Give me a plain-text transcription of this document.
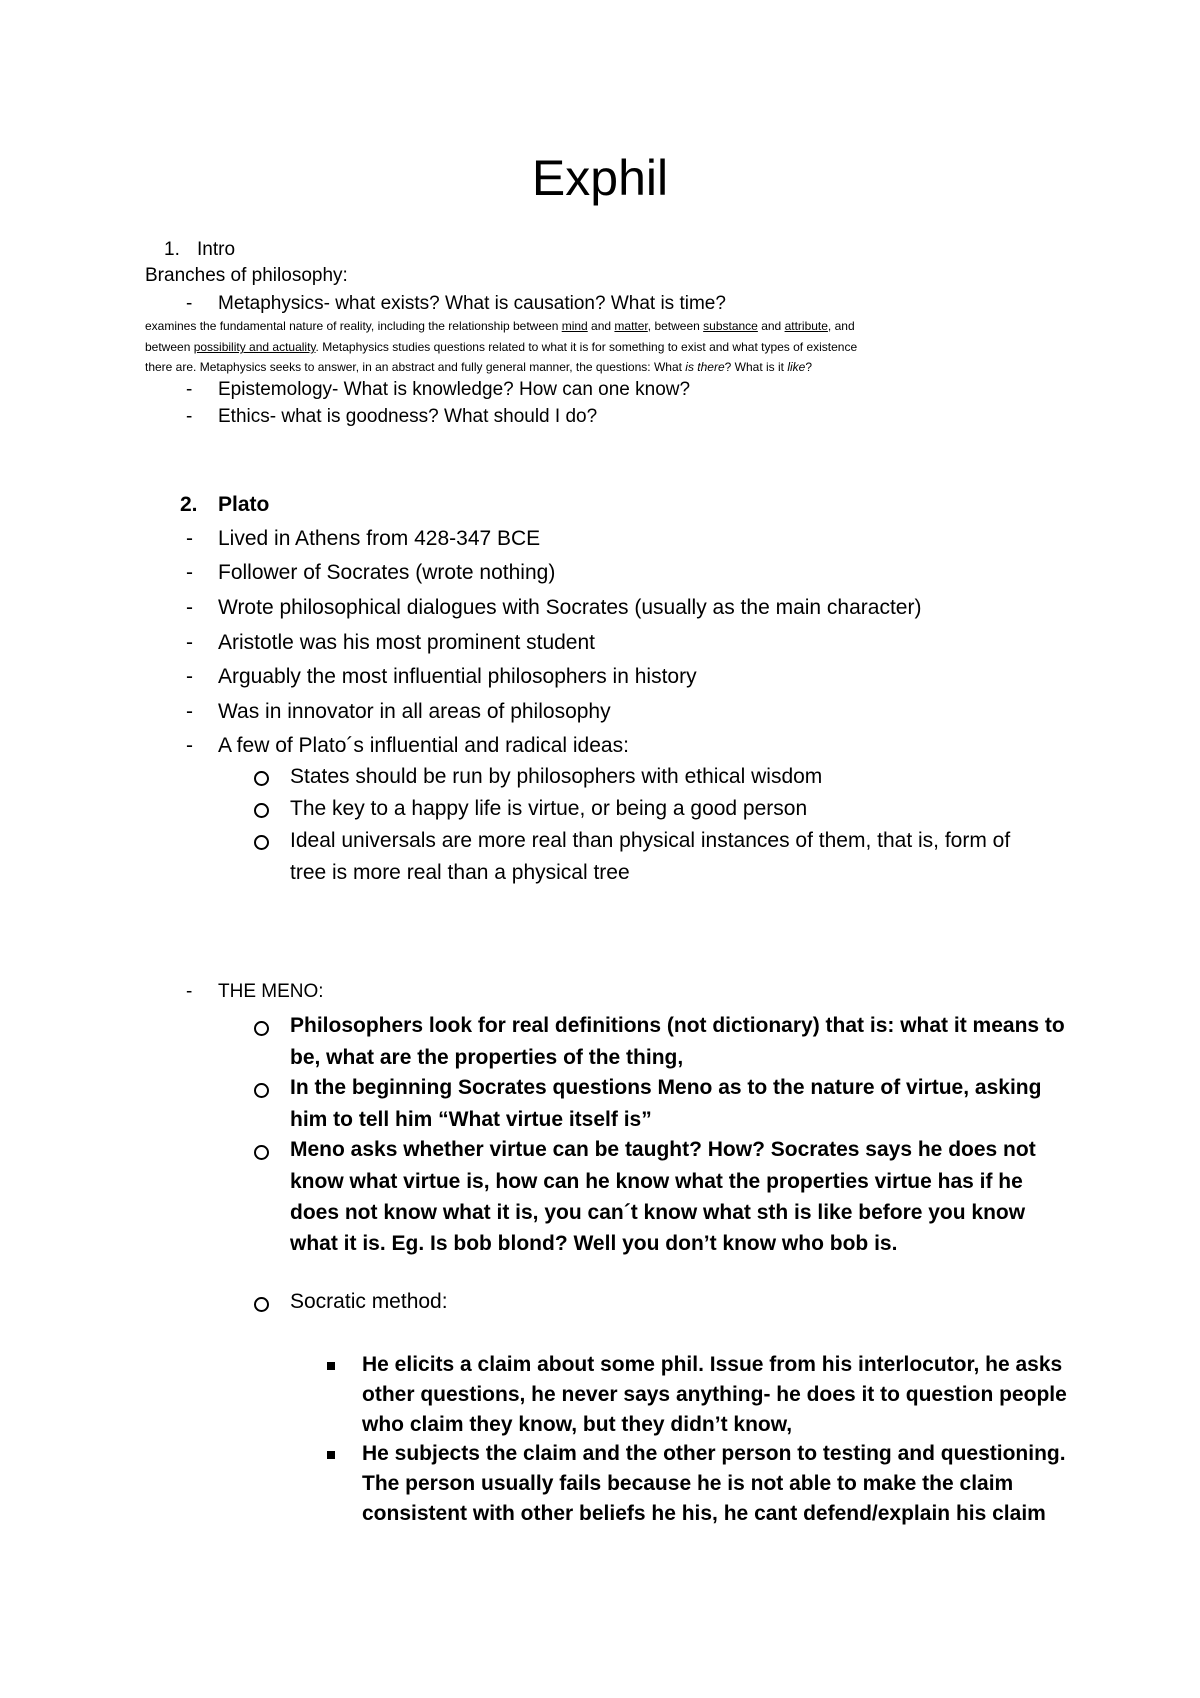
Exphil
1. Intro
Branches of philosophy:
- Metaphysics- what exists? What is causation? What is time?
examines the fundamental nature of reality, including the relationship between mind and matter, between substance and attribute, and
between possibility and actuality. Metaphysics studies questions related to what it is for something to exist and what types of existence
there are. Metaphysics seeks to answer, in an abstract and fully general manner, the questions: What is there? What is it like?
- Epistemology- What is knowledge? How can one know?
- Ethics- what is goodness? What should I do?
2. Plato
- Lived in Athens from 428-347 BCE
- Follower of Socrates (wrote nothing)
- Wrote philosophical dialogues with Socrates (usually as the main character)
- Aristotle was his most prominent student
- Arguably the most influential philosophers in history
- Was in innovator in all areas of philosophy
- A few of Plato´s influential and radical ideas:
States should be run by philosophers with ethical wisdom
The key to a happy life is virtue, or being a good person
Ideal universals are more real than physical instances of them, that is, form of
tree is more real than a physical tree
- THE MENO:
Philosophers look for real definitions (not dictionary) that is: what it means to
be, what are the properties of the thing,
In the beginning Socrates questions Meno as to the nature of virtue, asking
him to tell him “What virtue itself is”
Meno asks whether virtue can be taught? How? Socrates says he does not
know what virtue is, how can he know what the properties virtue has if he
does not know what it is, you can´t know what sth is like before you know
what it is. Eg. Is bob blond? Well you don’t know who bob is.
Socratic method:
He elicits a claim about some phil. Issue from his interlocutor, he asks
other questions, he never says anything- he does it to question people
who claim they know, but they didn’t know,
He subjects the claim and the other person to testing and questioning.
The person usually fails because he is not able to make the claim
consistent with other beliefs he his, he cant defend/explain his claim
